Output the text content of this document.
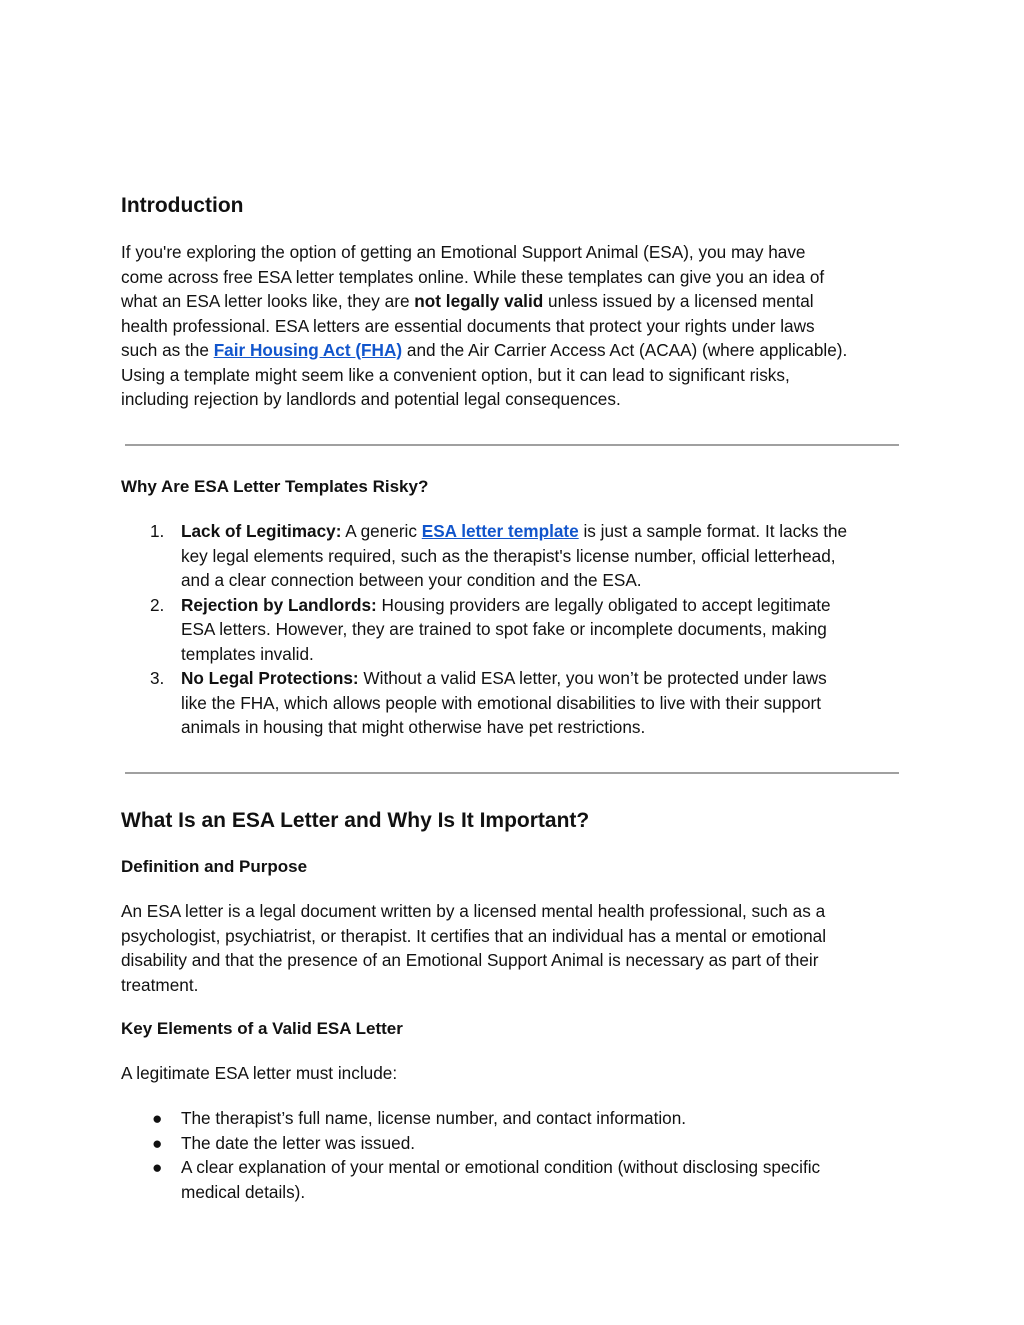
Introduction
If you're exploring the option of getting an Emotional Support Animal (ESA), you may have
come across free ESA letter templates online. While these templates can give you an idea of
what an ESA letter looks like, they are not legally valid unless issued by a licensed mental
health professional. ESA letters are essential documents that protect your rights under laws
such as the Fair Housing Act (FHA) and the Air Carrier Access Act (ACAA) (where applicable).
Using a template might seem like a convenient option, but it can lead to significant risks,
including rejection by landlords and potential legal consequences.
Why Are ESA Letter Templates Risky?
1. Lack of Legitimacy: A generic ESA letter template is just a sample format. It lacks the
key legal elements required, such as the therapist's license number, official letterhead,
and a clear connection between your condition and the ESA.
2. Rejection by Landlords: Housing providers are legally obligated to accept legitimate
ESA letters. However, they are trained to spot fake or incomplete documents, making
templates invalid.
3. No Legal Protections: Without a valid ESA letter, you won’t be protected under laws
like the FHA, which allows people with emotional disabilities to live with their support
animals in housing that might otherwise have pet restrictions.
What Is an ESA Letter and Why Is It Important?
Definition and Purpose
An ESA letter is a legal document written by a licensed mental health professional, such as a
psychologist, psychiatrist, or therapist. It certifies that an individual has a mental or emotional
disability and that the presence of an Emotional Support Animal is necessary as part of their
treatment.
Key Elements of a Valid ESA Letter
A legitimate ESA letter must include:
● The therapist’s full name, license number, and contact information.
● The date the letter was issued.
● A clear explanation of your mental or emotional condition (without disclosing specific
medical details).
